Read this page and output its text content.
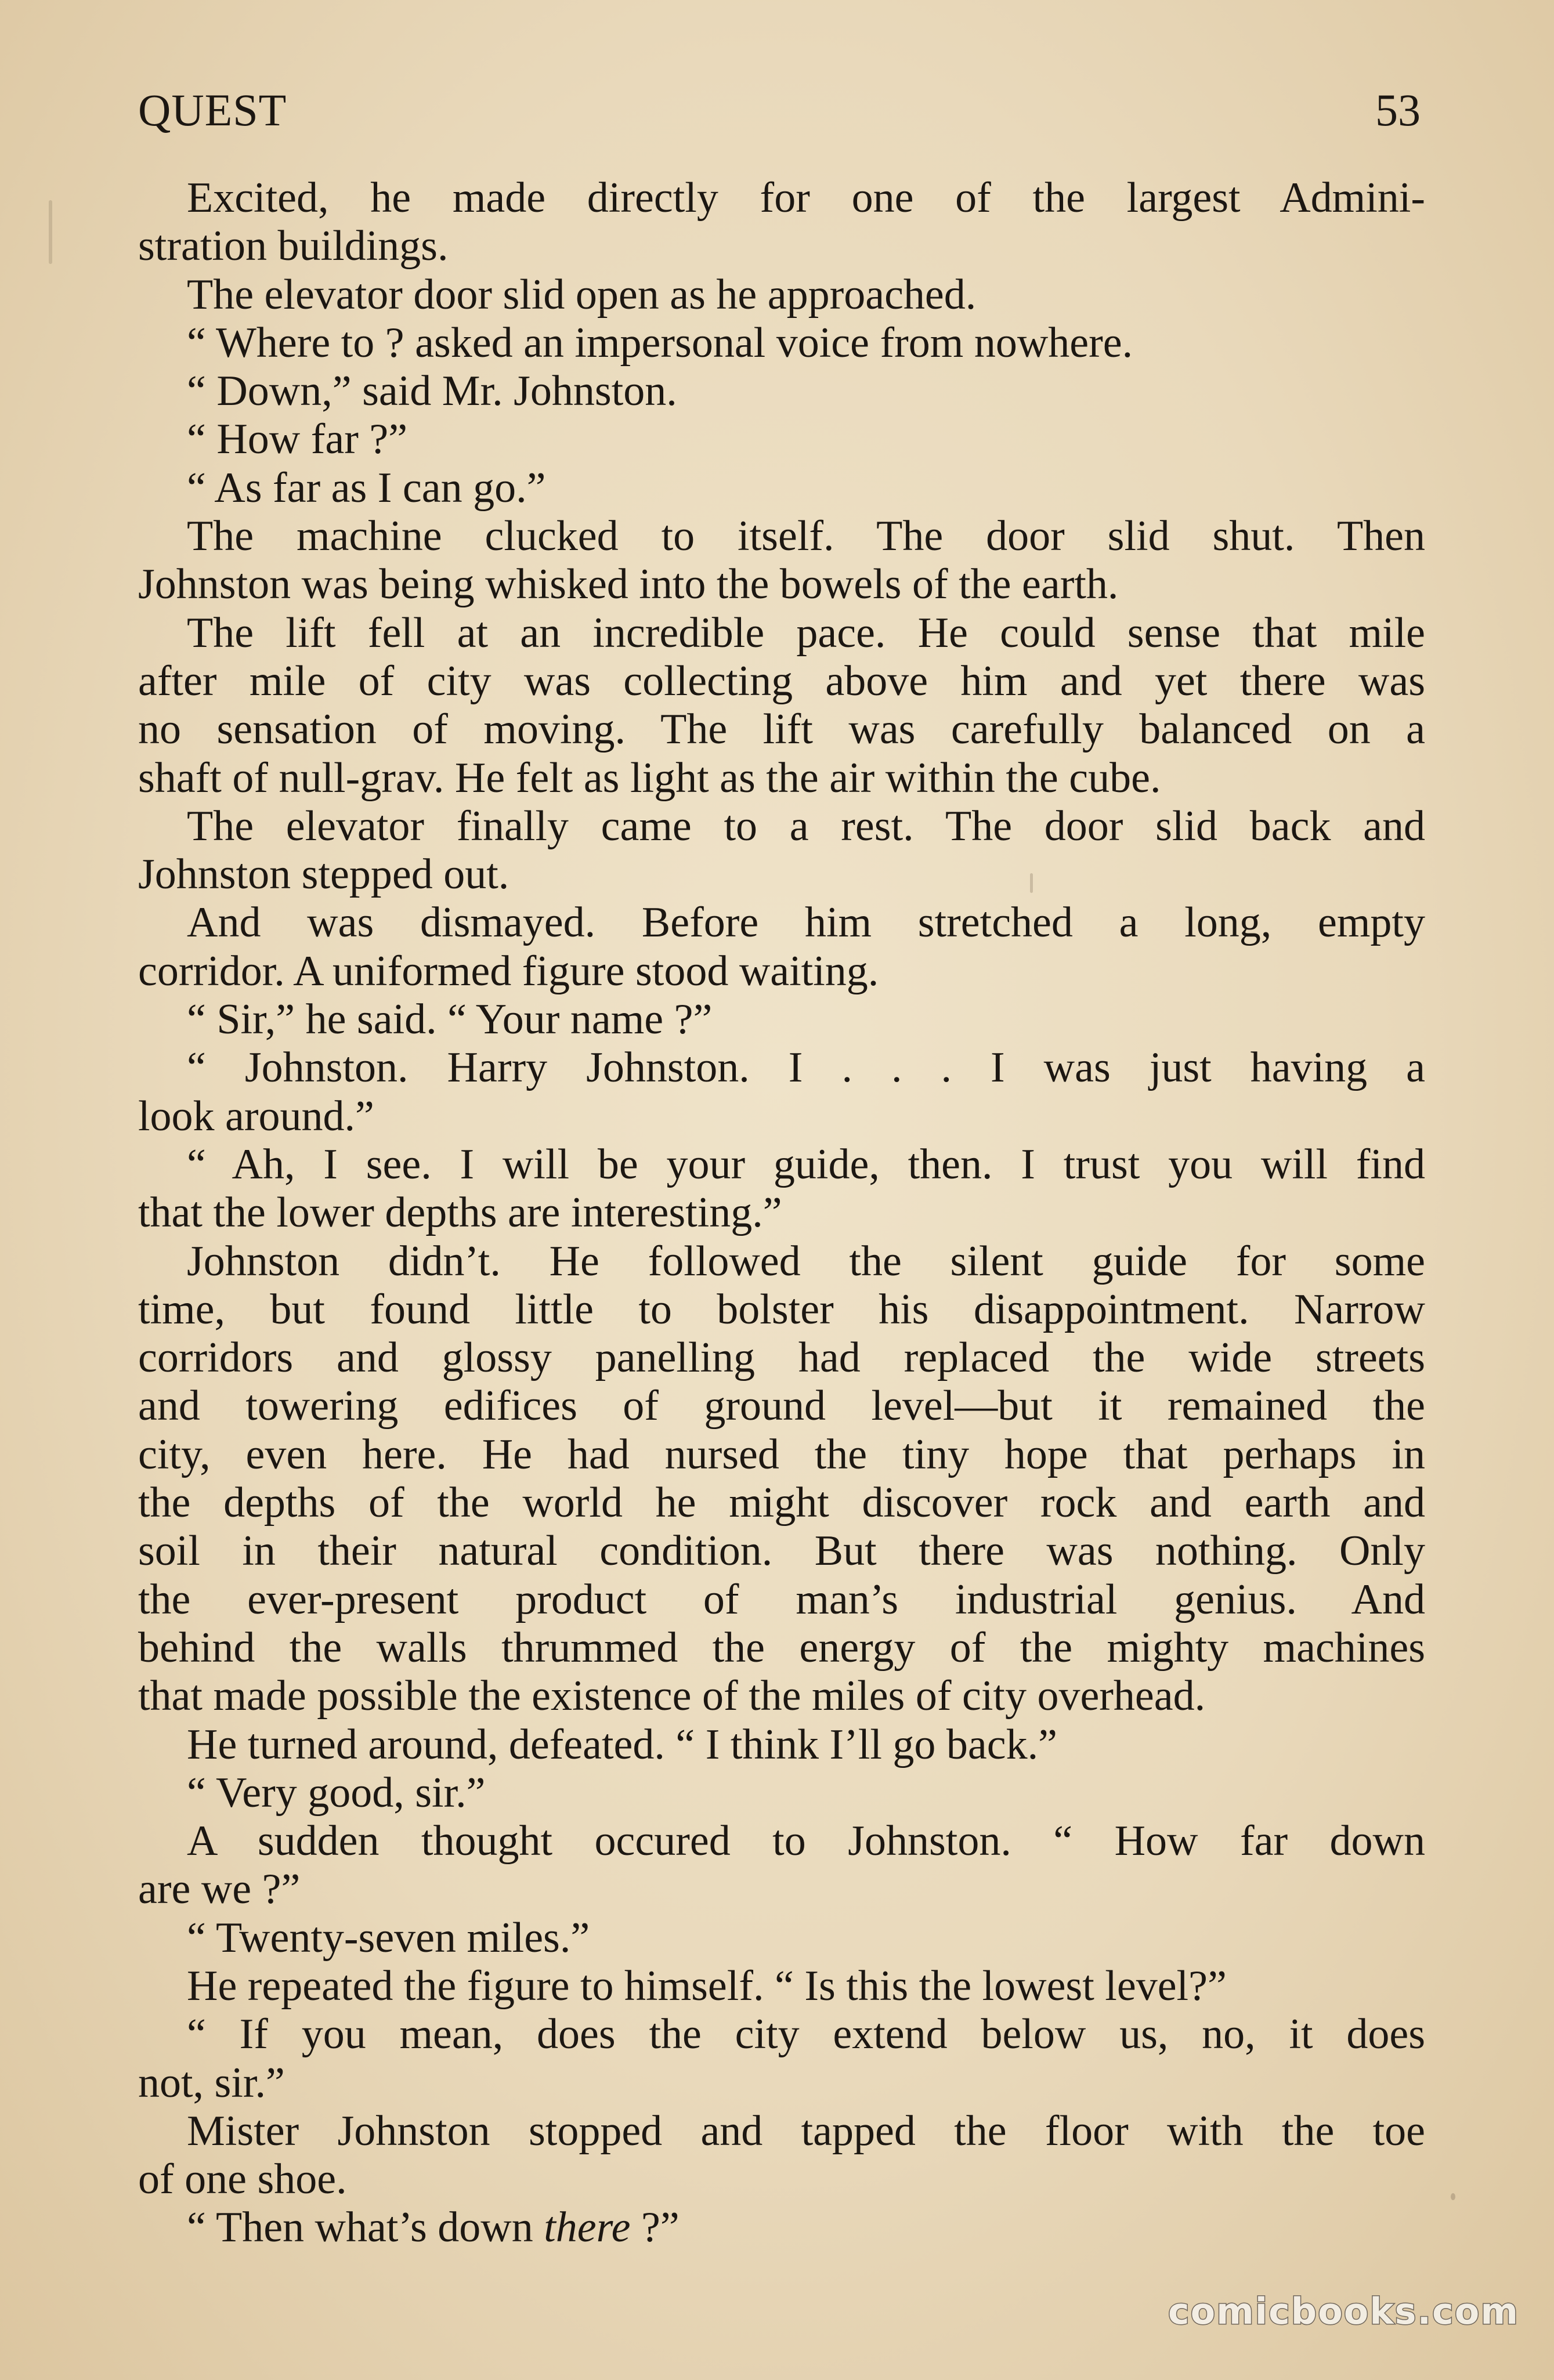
QUEST	53

Excited, he made directly for one of the largest Admini-
stration buildings.

The elevator door slid open as he approached.

“ Where to ? asked an impersonal voice from nowhere.

“ Down,” said Mr. Johnston.

“ How far ?”

“ As far as I can go.”

The machine clucked to itself. The door slid shut. Then
Johnston was being whisked into the bowels of the earth.

The lift fell at an incredible pace. He could sense that mile
after mile of city was collecting above him and yet there was
no sensation of moving. The lift was carefully balanced on a
shaft of null-grav. He felt as light as the air within the cube.

The elevator finally came to a rest. The door slid back and
Johnston stepped out.

And was dismayed. Before him stretched a long, empty
corridor. A uniformed figure stood waiting.

“ Sir,” he said. “ Your name ?”

“ Johnston. Harry Johnston. I . . . I was just having a
look around.”

“ Ah, I see. I will be your guide, then. I trust you will find
that the lower depths are interesting.”

Johnston didn’t. He followed the silent guide for some
time, but found little to bolster his disappointment. Narrow
corridors and glossy panelling had replaced the wide streets
and towering edifices of ground level—but it remained the
city, even here. He had nursed the tiny hope that perhaps in
the depths of the world he might discover rock and earth and
soil in their natural condition. But there was nothing. Only
the ever-present product of man’s industrial genius. And
behind the walls thrummed the energy of the mighty machines
that made possible the existence of the miles of city overhead.

He turned around, defeated. “ I think I’ll go back.”

“ Very good, sir.”

A sudden thought occured to Johnston. “ How far down
are we ?”

“ Twenty-seven miles.”

He repeated the figure to himself. “ Is this the lowest level?”

“ If you mean, does the city extend below us, no, it does
not, sir.”

Mister Johnston stopped and tapped the floor with the toe
of one shoe.

“ Then what’s down there ?”

comicbooks.com
